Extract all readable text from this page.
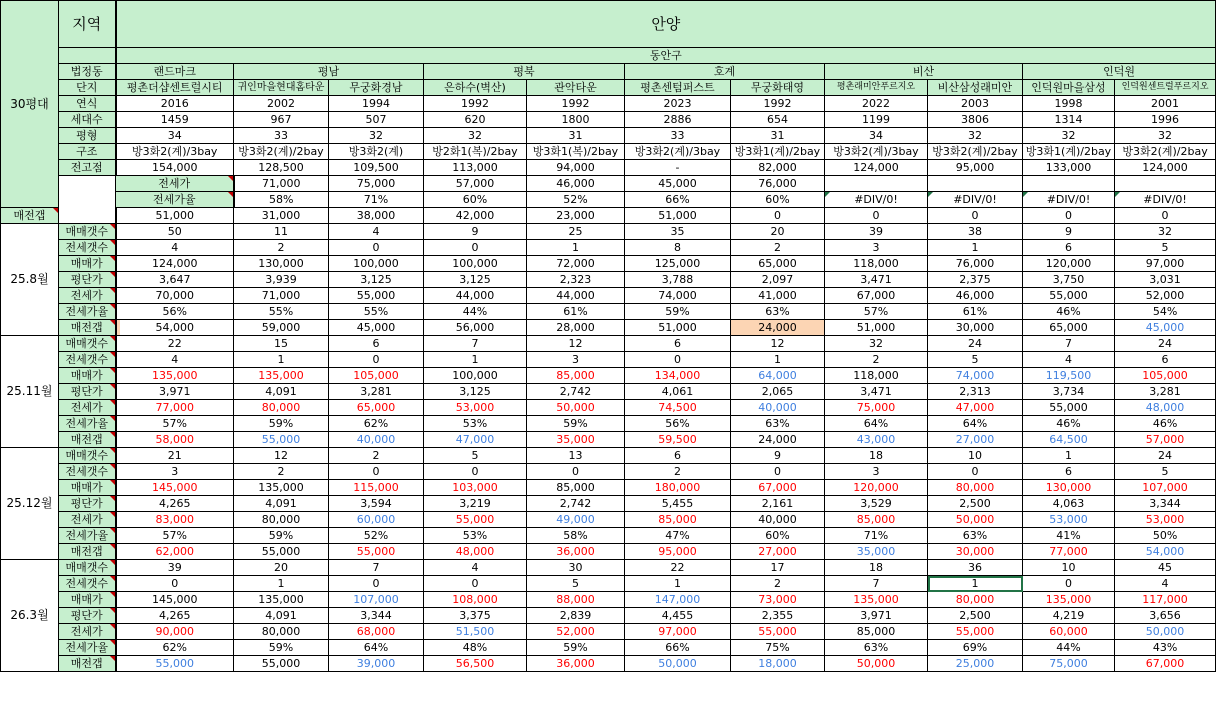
30평대	지역	안양											
		동안구											
	법정동	랜드마크	평남		평북		호계		비산		인덕원		
	단지	평촌더샵센트럴시티	귀인마을현대홈타운	무궁화경남	은하수(벽산)	관악타운	평촌센텀퍼스트	무궁화태영	평촌래미안푸르지오	비산삼성래미안	인덕원마을삼성	인덕원센트럴푸르지오	
	연식	2016	2002	1994	1992	1992	2023	1992	2022	2003	1998	2001	
	세대수	1459	967	507	620	1800	2886	654	1199	3806	1314	1996	
	평형	34	33	32	32	31	33	31	34	32	32	32	
	구조	방3화2(계)/3bay	방3화2(계)/2bay	방3화2(계)	방2화1(복)/2bay	방3화1(복)/2bay	방3화2(계)/3bay	방3화1(계)/2bay	방3화2(계)/3bay	방3화2(계)/2bay	방3화1(계)/2bay	방3화2(계)/2bay	
	전고점	154,000	128,500	109,500	113,000	94,000	-	82,000	124,000	95,000	133,000	124,000	
		전세가	71,000	75,000	57,000	46,000	45,000	76,000					
		전세가율	58%	71%	60%	52%	66%	60%	#DIV/0!	#DIV/0!	#DIV/0!	#DIV/0!	
매전갭		51,000	31,000	38,000	42,000	23,000	51,000	0	0	0	0	0	
25.8월	매매갯수	50	11	4	9	25	35	20	39	38	9	32	
	전세갯수	4	2	0	0	1	8	2	3	1	6	5	
	매매가	124,000	130,000	100,000	100,000	72,000	125,000	65,000	118,000	76,000	120,000	97,000	
	평단가	3,647	3,939	3,125	3,125	2,323	3,788	2,097	3,471	2,375	3,750	3,031	
	전세가	70,000	71,000	55,000	44,000	44,000	74,000	41,000	67,000	46,000	55,000	52,000	
	전세가율	56%	55%	55%	44%	61%	59%	63%	57%	61%	46%	54%	
	매전갭	54,000	59,000	45,000	56,000	28,000	51,000	24,000	51,000	30,000	65,000	45,000	
25.11월	매매갯수	22	15	6	7	12	6	12	32	24	7	24	
	전세갯수	4	1	0	1	3	0	1	2	5	4	6	
	매매가	135,000	135,000	105,000	100,000	85,000	134,000	64,000	118,000	74,000	119,500	105,000	
	평단가	3,971	4,091	3,281	3,125	2,742	4,061	2,065	3,471	2,313	3,734	3,281	
	전세가	77,000	80,000	65,000	53,000	50,000	74,500	40,000	75,000	47,000	55,000	48,000	
	전세가율	57%	59%	62%	53%	59%	56%	63%	64%	64%	46%	46%	
	매전갭	58,000	55,000	40,000	47,000	35,000	59,500	24,000	43,000	27,000	64,500	57,000	
25.12월	매매갯수	21	12	2	5	13	6	9	18	10	1	24	
	전세갯수	3	2	0	0	0	2	0	3	0	6	5	
	매매가	145,000	135,000	115,000	103,000	85,000	180,000	67,000	120,000	80,000	130,000	107,000	
	평단가	4,265	4,091	3,594	3,219	2,742	5,455	2,161	3,529	2,500	4,063	3,344	
	전세가	83,000	80,000	60,000	55,000	49,000	85,000	40,000	85,000	50,000	53,000	53,000	
	전세가율	57%	59%	52%	53%	58%	47%	60%	71%	63%	41%	50%	
	매전갭	62,000	55,000	55,000	48,000	36,000	95,000	27,000	35,000	30,000	77,000	54,000	
26.3월	매매갯수	39	20	7	4	30	22	17	18	36	10	45	
	전세갯수	0	1	0	0	5	1	2	7	1	0	4	
	매매가	145,000	135,000	107,000	108,000	88,000	147,000	73,000	135,000	80,000	135,000	117,000	
	평단가	4,265	4,091	3,344	3,375	2,839	4,455	2,355	3,971	2,500	4,219	3,656	
	전세가	90,000	80,000	68,000	51,500	52,000	97,000	55,000	85,000	55,000	60,000	50,000	
	전세가율	62%	59%	64%	48%	59%	66%	75%	63%	69%	44%	43%	
	매전갭	55,000	55,000	39,000	56,500	36,000	50,000	18,000	50,000	25,000	75,000	67,000	
